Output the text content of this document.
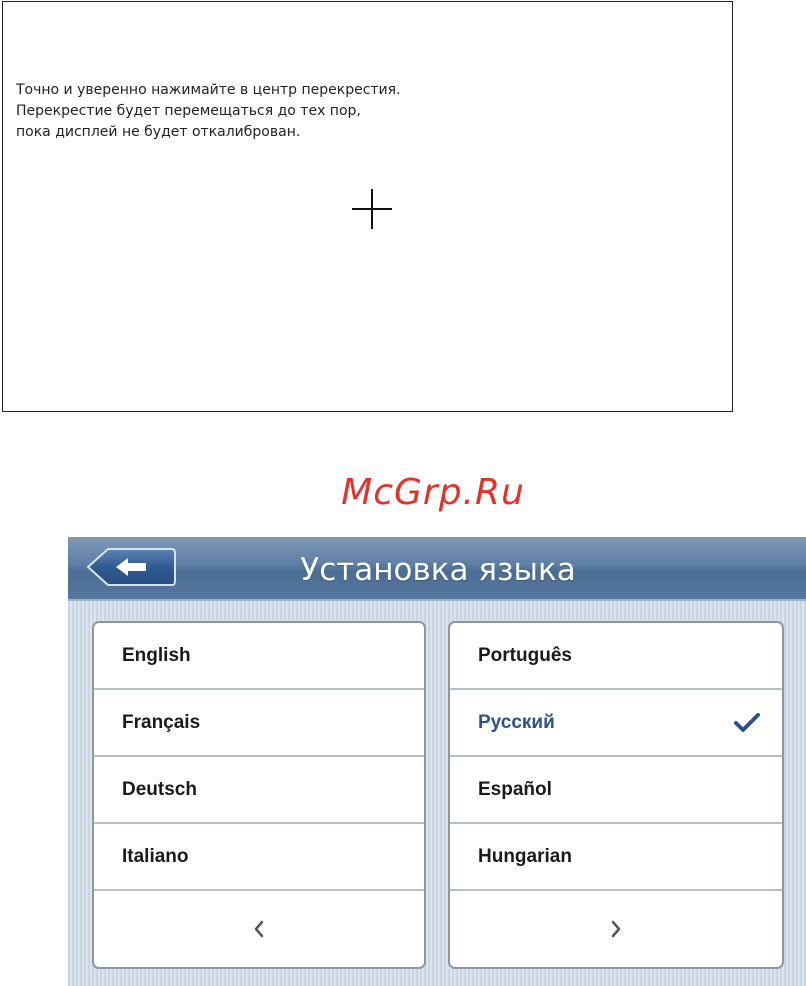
Точно и уверенно нажимайте в центр перекрестия.
Перекрестие будет перемещаться до тех пор,
пока дисплей не будет откалиброван.
McGrp.Ru
Установка языка
English
Français
Deutsch
Italiano
Português
Русский
Español
Hungarian
